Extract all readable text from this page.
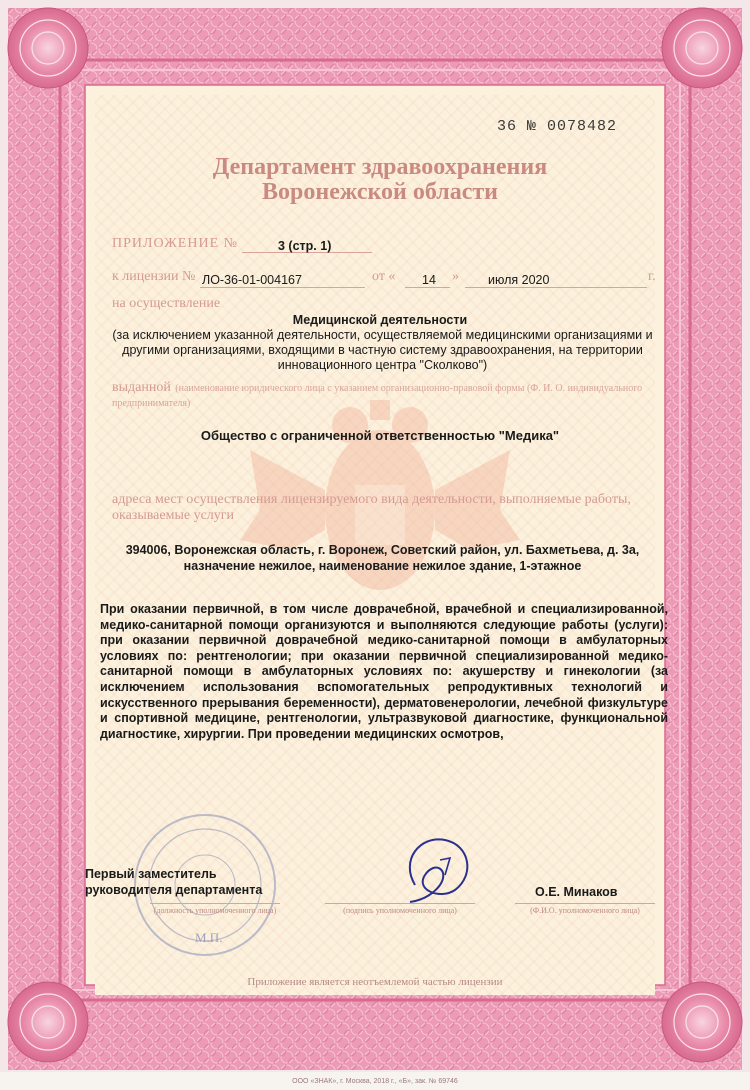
36 № 0078482
Департамент здравоохранения
Воронежской области
ПРИЛОЖЕНИЕ №	3 (стр. 1)
к лицензии № ЛО-36-01-004167	от « 14 » июля 2020	г.
на осуществление
Медицинской деятельности
(за исключением указанной деятельности, осуществляемой медицинскими организациями и другими организациями, входящими в частную систему здравоохранения, на территории инновационного центра "Сколково")
выданной (наименование юридического лица с указанием организационно-правовой формы (Ф. И. О. индивидуального предпринимателя)
Общество с ограниченной ответственностью "Медика"
адреса мест осуществления лицензируемого вида деятельности, выполняемые работы, оказываемые услуги
394006, Воронежская область, г. Воронеж, Советский район, ул. Бахметьева, д. 3а, назначение нежилое, наименование нежилое здание, 1-этажное
При оказании первичной, в том числе доврачебной, врачебной и специализированной, медико-санитарной помощи организуются и выполняются следующие работы (услуги): при оказании первичной доврачебной медико-санитарной помощи в амбулаторных условиях по: рентгенологии; при оказании первичной специализированной медико-санитарной помощи в амбулаторных условиях по: акушерству и гинекологии (за исключением использования вспомогательных репродуктивных технологий и искусственного прерывания беременности), дерматовенерологии, лечебной физкультуре и спортивной медицине, рентгенологии, ультразвуковой диагностике, функциональной диагностике, хирургии. При проведении медицинских осмотров,
М.П.
Первый заместитель
руководителя департамента
(должность уполномоченного лица)	(подпись уполномоченного лица)
О.Е. Минаков
(Ф.И.О. уполномоченного лица)
Приложение является неотъемлемой частью лицензии
ООО «ЗНАК», г. Москва, 2018 г., «Б», зак. № 69746
